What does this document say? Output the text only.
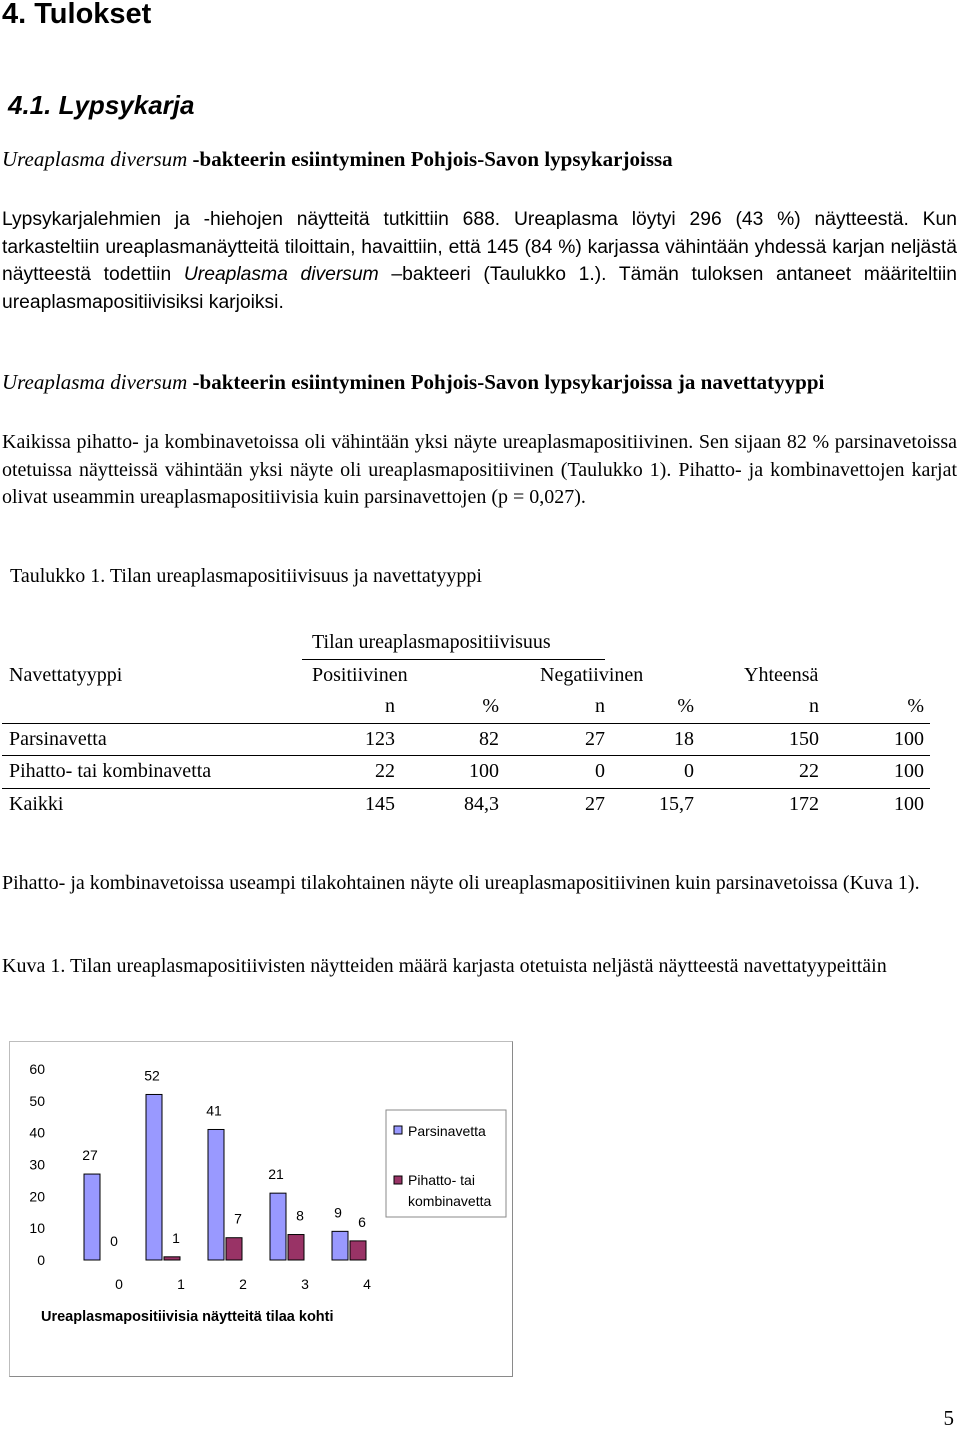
4. Tulokset
4.1. Lypsykarja
Ureaplasma diversum -bakteerin esiintyminen Pohjois-Savon lypsykarjoissa
Lypsykarjalehmien ja -hiehojen näytteitä tutkittiin 688. Ureaplasma löytyi 296 (43 %) näytteestä. Kun tarkasteltiin ureaplasmanäytteitä tiloittain, havaittiin, että 145 (84 %) karjassa vähintään yhdessä karjan neljästä näytteestä todettiin Ureaplasma diversum –bakteeri (Taulukko 1.). Tämän tuloksen antaneet määriteltiin ureaplasmapositiivisiksi karjoiksi.
Ureaplasma diversum -bakteerin esiintyminen Pohjois-Savon lypsykarjoissa ja navettatyyppi
Kaikissa pihatto- ja kombinavetoissa oli vähintään yksi näyte ureaplasmapositiivinen. Sen sijaan 82 % parsinavetoissa otetuissa näytteissä vähintään yksi näyte oli ureaplasmapositiivinen (Taulukko 1). Pihatto- ja kombinavettojen karjat olivat useammin ureaplasmapositiivisia kuin parsinavettojen (p = 0,027).
Taulukko 1. Tilan ureaplasmapositiivisuus ja navettatyyppi
	Tilan ureaplasmapositiivisuus					
Navettatyyppi	Positiivinen		Negatiivinen		Yhteensä	
	n	%	n	%	n	%
Parsinavetta	123	82	27	18	150	100
Pihatto- tai kombinavetta	22	100	0	0	22	100
Kaikki	145	84,3	27	15,7	172	100
Pihatto- ja kombinavetoissa useampi tilakohtainen näyte oli ureaplasmapositiivinen kuin parsinavetoissa (Kuva 1).
Kuva 1. Tilan ureaplasmapositiivisten näytteiden määrä karjasta otetuista neljästä näytteestä navettatyypeittäin
0
10
20
30
40
50
60
0
27
0
1
52
1
2
41
7
3
21
8
4
9
6
Ureaplasmapositiivisia näytteitä tilaa kohti
Parsinavetta
Pihatto- tai kombinavetta
5
